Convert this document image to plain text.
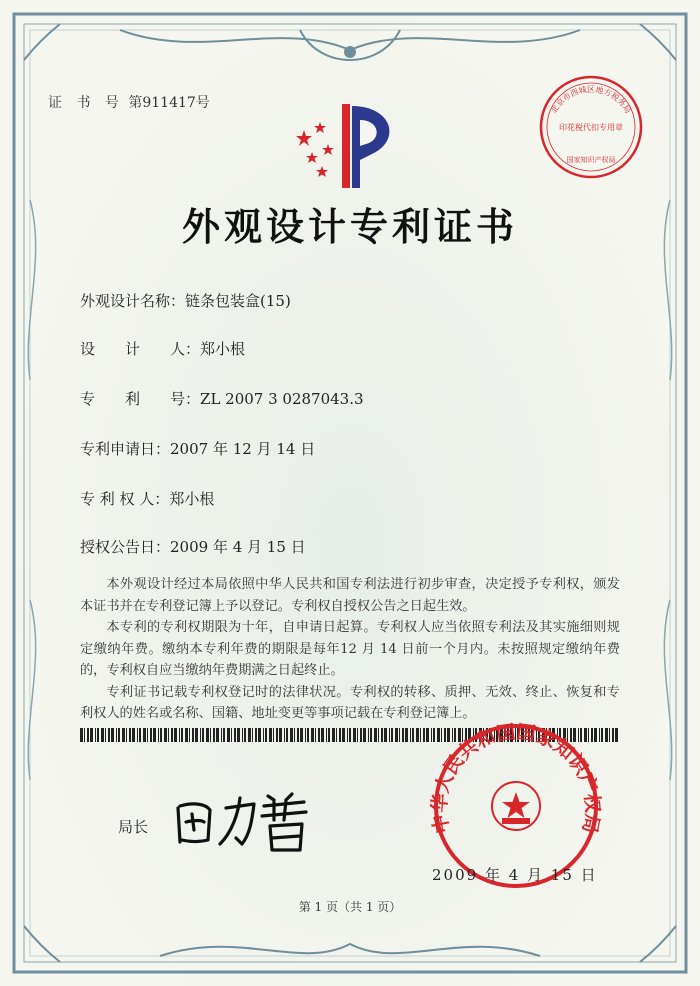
证 书 号 第911417号	北京市西城区地方税务局
印花税代扣专用章
国家知识产权局
外观设计专利证书
外观设计名称：链条包装盒(15)
设　　计　　人：郑小根
专　　利　　号：ZL 2007 3 0287043.3
专利申请日：2007 年 12 月 14 日
专 利 权 人：郑小根
授权公告日：2009 年 4 月 15 日

本外观设计经过本局依照中华人民共和国专利法进行初步审查，决定授予专利权，颁发本证书并在专利登记簿上予以登记。专利权自授权公告之日起生效。

本专利的专利权期限为十年，自申请日起算。专利权人应当依照专利法及其实施细则规定缴纳年费。缴纳本专利年费的期限是每年12 月 14 日前一个月内。未按照规定缴纳年费的，专利权自应当缴纳年费期满之日起终止。

专利证书记载专利权登记时的法律状况。专利权的转移、质押、无效、终止、恢复和专利权人的姓名或名称、国籍、地址变更等事项记载在专利登记簿上。

局长	中华人民共和国国家知识产权局
2009 年 4 月 15 日
第 1 页（共 1 页）
